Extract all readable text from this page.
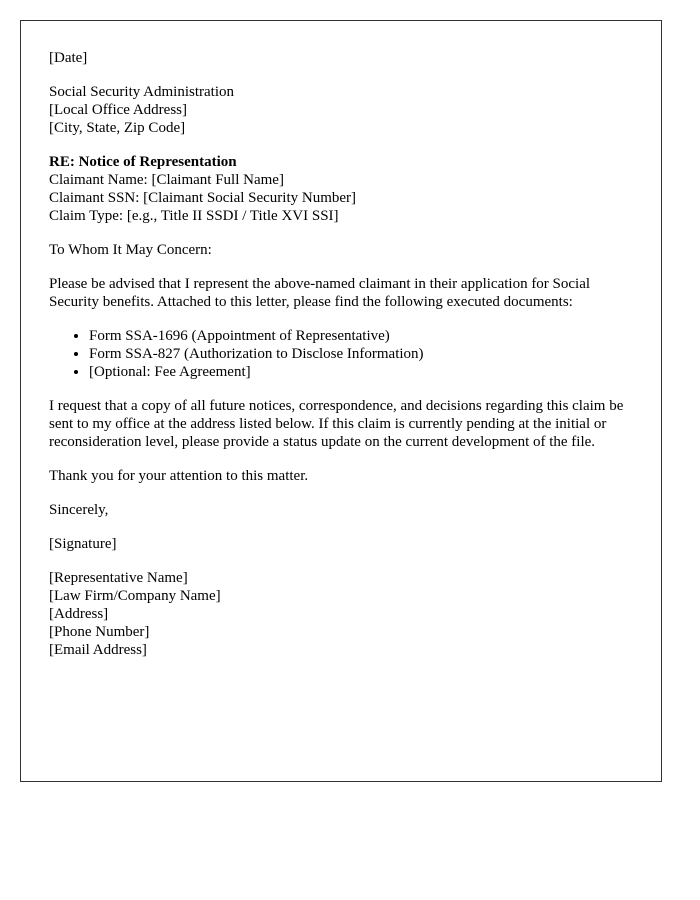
[Date]

Social Security Administration
[Local Office Address]
[City, State, Zip Code]

RE: Notice of Representation
Claimant Name: [Claimant Full Name]
Claimant SSN: [Claimant Social Security Number]
Claim Type: [e.g., Title II SSDI / Title XVI SSI]

To Whom It May Concern:

Please be advised that I represent the above-named claimant in their application for Social Security benefits. Attached to this letter, please find the following executed documents:

• Form SSA-1696 (Appointment of Representative)
• Form SSA-827 (Authorization to Disclose Information)
• [Optional: Fee Agreement]

I request that a copy of all future notices, correspondence, and decisions regarding this claim be sent to my office at the address listed below. If this claim is currently pending at the initial or reconsideration level, please provide a status update on the current development of the file.

Thank you for your attention to this matter.

Sincerely,

[Signature]

[Representative Name]
[Law Firm/Company Name]
[Address]
[Phone Number]
[Email Address]
